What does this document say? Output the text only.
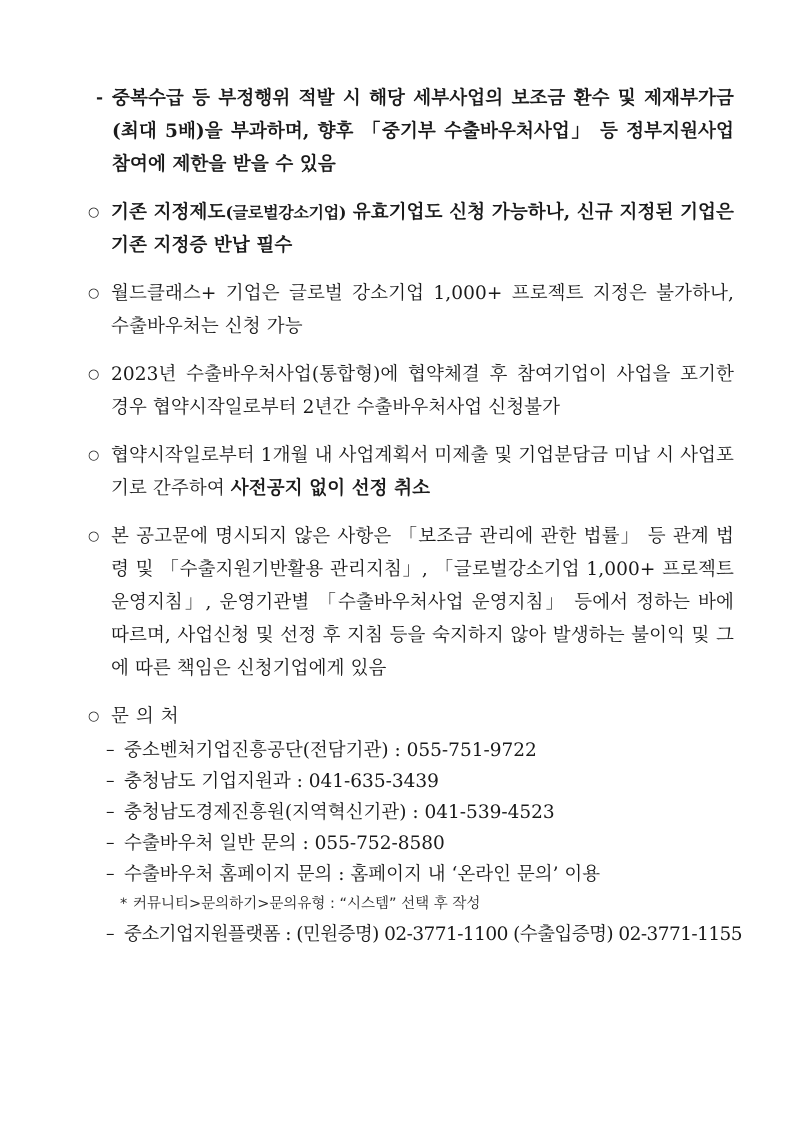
- 중복수급 등 부정행위 적발 시 해당 세부사업의 보조금 환수 및 제재부가금(최대 5배)을 부과하며, 향후 「중기부 수출바우처사업」 등 정부지원사업 참여에 제한을 받을 수 있음
○ 기존 지정제도(글로벌강소기업) 유효기업도 신청 가능하나, 신규 지정된 기업은 기존 지정증 반납 필수
○ 월드클래스+ 기업은 글로벌 강소기업 1,000+ 프로젝트 지정은 불가하나, 수출바우처는 신청 가능
○ 2023년 수출바우처사업(통합형)에 협약체결 후 참여기업이 사업을 포기한 경우 협약시작일로부터 2년간 수출바우처사업 신청불가
○ 협약시작일로부터 1개월 내 사업계획서 미제출 및 기업분담금 미납 시 사업포기로 간주하여 사전공지 없이 선정 취소
○ 본 공고문에 명시되지 않은 사항은 「보조금 관리에 관한 법률」 등 관계 법령 및 「수출지원기반활용 관리지침」, 「글로벌강소기업 1,000+ 프로젝트 운영지침」, 운영기관별 「수출바우처사업 운영지침」 등에서 정하는 바에 따르며, 사업신청 및 선정 후 지침 등을 숙지하지 않아 발생하는 불이익 및 그에 따른 책임은 신청기업에게 있음
○ 문의처
– 중소벤처기업진흥공단(전담기관) : 055-751-9722
– 충청남도 기업지원과 : 041-635-3439
– 충청남도경제진흥원(지역혁신기관) : 041-539-4523
– 수출바우처 일반 문의 : 055-752-8580
– 수출바우처 홈페이지 문의 : 홈페이지 내 ‘온라인 문의’ 이용
* 커뮤니티>문의하기>문의유형 : “시스템” 선택 후 작성
– 중소기업지원플랫폼 : (민원증명) 02-3771-1100 (수출입증명) 02-3771-1155
